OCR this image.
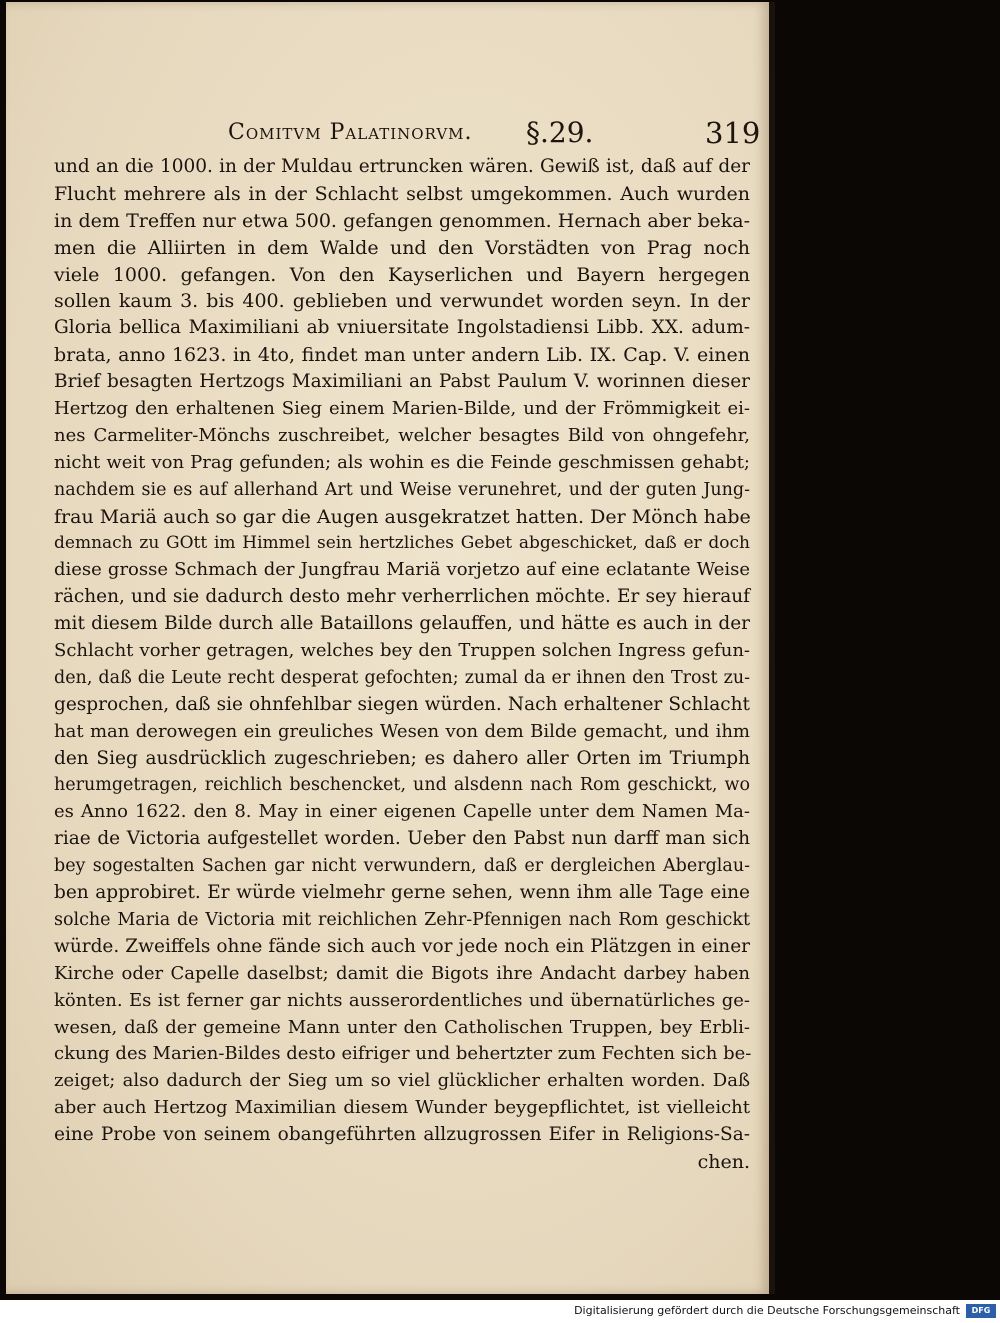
Comitvm Palatinorvm. §.29.	319
und an die 1000. in der Muldau ertruncken wären. Gewiß ist, daß auf der
Flucht mehrere als in der Schlacht selbst umgekommen. Auch wurden
in dem Treffen nur etwa 500. gefangen genommen. Hernach aber beka-
men die Alliirten in dem Walde und den Vorstädten von Prag noch
viele 1000. gefangen. Von den Kayserlichen und Bayern hergegen
sollen kaum 3. bis 400. geblieben und verwundet worden seyn. In der
Gloria bellica Maximiliani ab vniuersitate Ingolstadiensi Libb. XX. adum-
brata, anno 1623. in 4to, findet man unter andern Lib. IX. Cap. V. einen
Brief besagten Hertzogs Maximiliani an Pabst Paulum V. worinnen dieser
Hertzog den erhaltenen Sieg einem Marien-Bilde, und der Frömmigkeit ei-
nes Carmeliter-Mönchs zuschreibet, welcher besagtes Bild von ohngefehr,
nicht weit von Prag gefunden; als wohin es die Feinde geschmissen gehabt;
nachdem sie es auf allerhand Art und Weise verunehret, und der guten Jung-
frau Mariä auch so gar die Augen ausgekratzet hatten. Der Mönch habe
demnach zu GOtt im Himmel sein hertzliches Gebet abgeschicket, daß er doch
diese grosse Schmach der Jungfrau Mariä vorjetzo auf eine eclatante Weise
rächen, und sie dadurch desto mehr verherrlichen möchte. Er sey hierauf
mit diesem Bilde durch alle Bataillons gelauffen, und hätte es auch in der
Schlacht vorher getragen, welches bey den Truppen solchen Ingress gefun-
den, daß die Leute recht desperat gefochten; zumal da er ihnen den Trost zu-
gesprochen, daß sie ohnfehlbar siegen würden. Nach erhaltener Schlacht
hat man derowegen ein greuliches Wesen von dem Bilde gemacht, und ihm
den Sieg ausdrücklich zugeschrieben; es dahero aller Orten im Triumph
herumgetragen, reichlich beschencket, und alsdenn nach Rom geschickt, wo
es Anno 1622. den 8. May in einer eigenen Capelle unter dem Namen Ma-
riae de Victoria aufgestellet worden. Ueber den Pabst nun darff man sich
bey sogestalten Sachen gar nicht verwundern, daß er dergleichen Aberglau-
ben approbiret. Er würde vielmehr gerne sehen, wenn ihm alle Tage eine
solche Maria de Victoria mit reichlichen Zehr-Pfennigen nach Rom geschickt
würde. Zweiffels ohne fände sich auch vor jede noch ein Plätzgen in einer
Kirche oder Capelle daselbst; damit die Bigots ihre Andacht darbey haben
könten. Es ist ferner gar nichts ausserordentliches und übernatürliches ge-
wesen, daß der gemeine Mann unter den Catholischen Truppen, bey Erbli-
ckung des Marien-Bildes desto eifriger und behertzter zum Fechten sich be-
zeiget; also dadurch der Sieg um so viel glücklicher erhalten worden. Daß
aber auch Hertzog Maximilian diesem Wunder beygepflichtet, ist vielleicht
eine Probe von seinem obangeführten allzugrossen Eifer in Religions-Sa-
chen.
Digitalisierung gefördert durch die Deutsche Forschungsgemeinschaft	DFG
